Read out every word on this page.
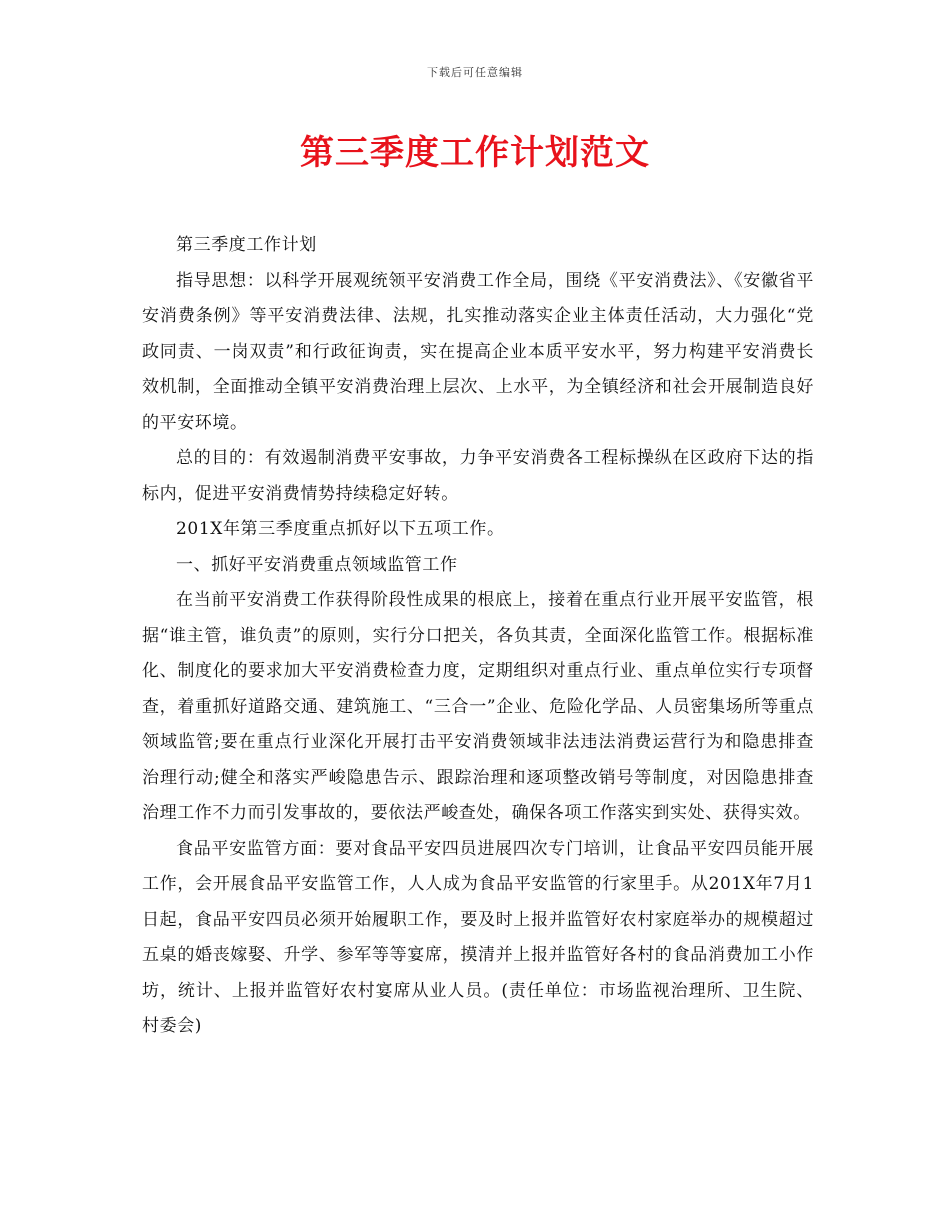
下载后可任意编辑
第三季度工作计划范文

第三季度工作计划

指导思想：以科学开展观统领平安消费工作全局，围绕《平安消费法》、《安徽省平安消费条例》等平安消费法律、法规，扎实推动落实企业主体责任活动，大力强化“党政同责、一岗双责”和行政征询责，实在提高企业本质平安水平，努力构建平安消费长效机制，全面推动全镇平安消费治理上层次、上水平，为全镇经济和社会开展制造良好的平安环境。

总的目的：有效遏制消费平安事故，力争平安消费各工程标操纵在区政府下达的指标内，促进平安消费情势持续稳定好转。

201X年第三季度重点抓好以下五项工作。

一、抓好平安消费重点领域监管工作

在当前平安消费工作获得阶段性成果的根底上，接着在重点行业开展平安监管，根据“谁主管，谁负责”的原则，实行分口把关，各负其责，全面深化监管工作。根据标准化、制度化的要求加大平安消费检查力度，定期组织对重点行业、重点单位实行专项督查，着重抓好道路交通、建筑施工、“三合一”企业、危险化学品、人员密集场所等重点领域监管;要在重点行业深化开展打击平安消费领域非法违法消费运营行为和隐患排查治理行动;健全和落实严峻隐患告示、跟踪治理和逐项整改销号等制度，对因隐患排查治理工作不力而引发事故的，要依法严峻查处，确保各项工作落实到实处、获得实效。

食品平安监管方面：要对食品平安四员进展四次专门培训，让食品平安四员能开展工作，会开展食品平安监管工作，人人成为食品平安监管的行家里手。从201X年7月1日起，食品平安四员必须开始履职工作，要及时上报并监管好农村家庭举办的规模超过五桌的婚丧嫁娶、升学、参军等等宴席，摸清并上报并监管好各村的食品消费加工小作坊，统计、上报并监管好农村宴席从业人员。(责任单位：市场监视治理所、卫生院、村委会)
